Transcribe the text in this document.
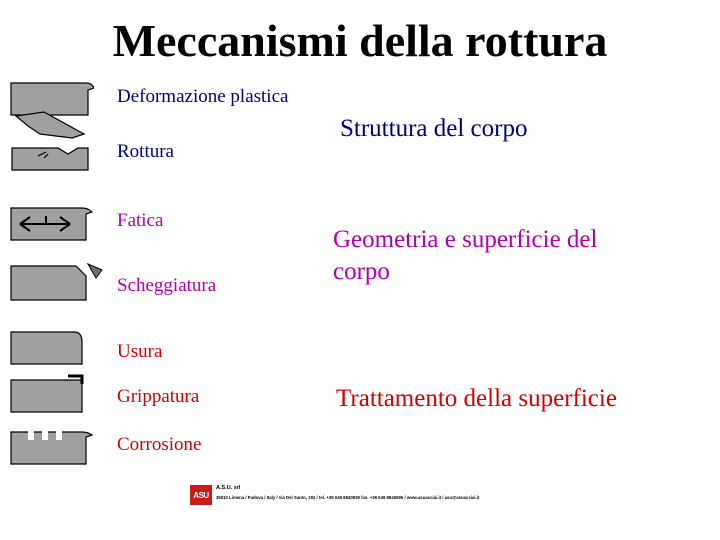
Meccanismi della rottura
Deformazione plastica
Rottura
Fatica
Scheggiatura
Usura
Grippatura
Corrosione
Struttura del corpo
Geometria e superficie del corpo
Trattamento della superficie
ASU
A.S.U. srl
35010 Limena / Padova / Italy / via Del Santo, 192 / tel. +39 049 8840939 fax. +39 049 8840696 / www.asuacciai.it / asu@asuacciai.it
